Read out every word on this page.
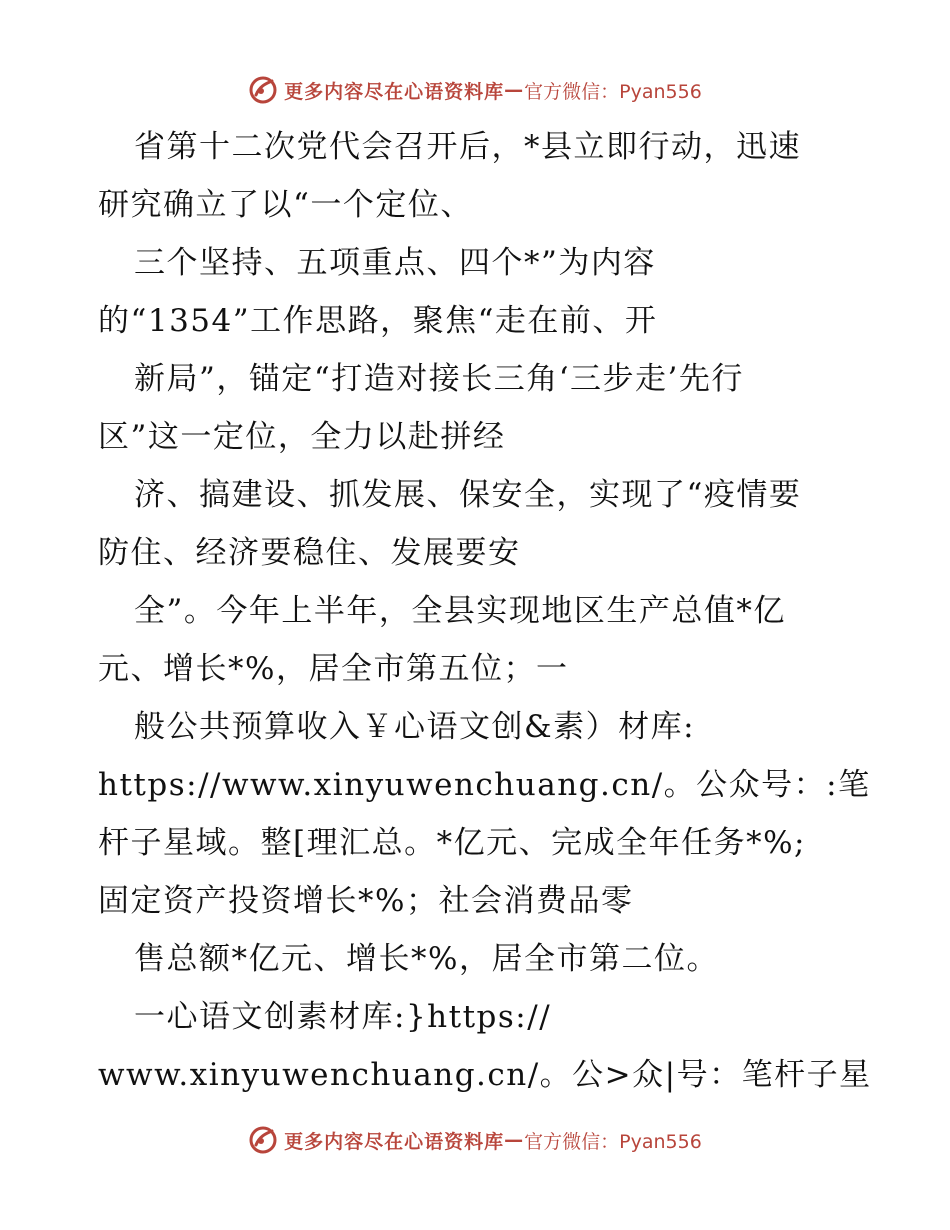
更多内容尽在心语资料库 — 官方微信：Pyan556
省第十二次党代会召开后，*县立即行动，迅速
研究确立了以“一个定位、
三个坚持、五项重点、四个*”为内容
的“1354”工作思路，聚焦“走在前、开
新局”，锚定“打造对接长三角‘三步走’先行
区”这一定位，全力以赴拼经
济、搞建设、抓发展、保安全，实现了“疫情要
防住、经济要稳住、发展要安
全”。今年上半年，全县实现地区生产总值*亿
元、增长*%，居全市第五位；一
般公共预算收入￥心语文创&素）材库:
https://www.xinyuwenchuang.cn/。公众号：:笔
杆子星域。整[理汇总。*亿元、完成全年任务*%;
固定资产投资增长*%；社会消费品零
售总额*亿元、增长*%，居全市第二位。
一心语文创素材库:}https://
www.xinyuwenchuang.cn/。公>众|号：笔杆子星
更多内容尽在心语资料库 — 官方微信：Pyan556
